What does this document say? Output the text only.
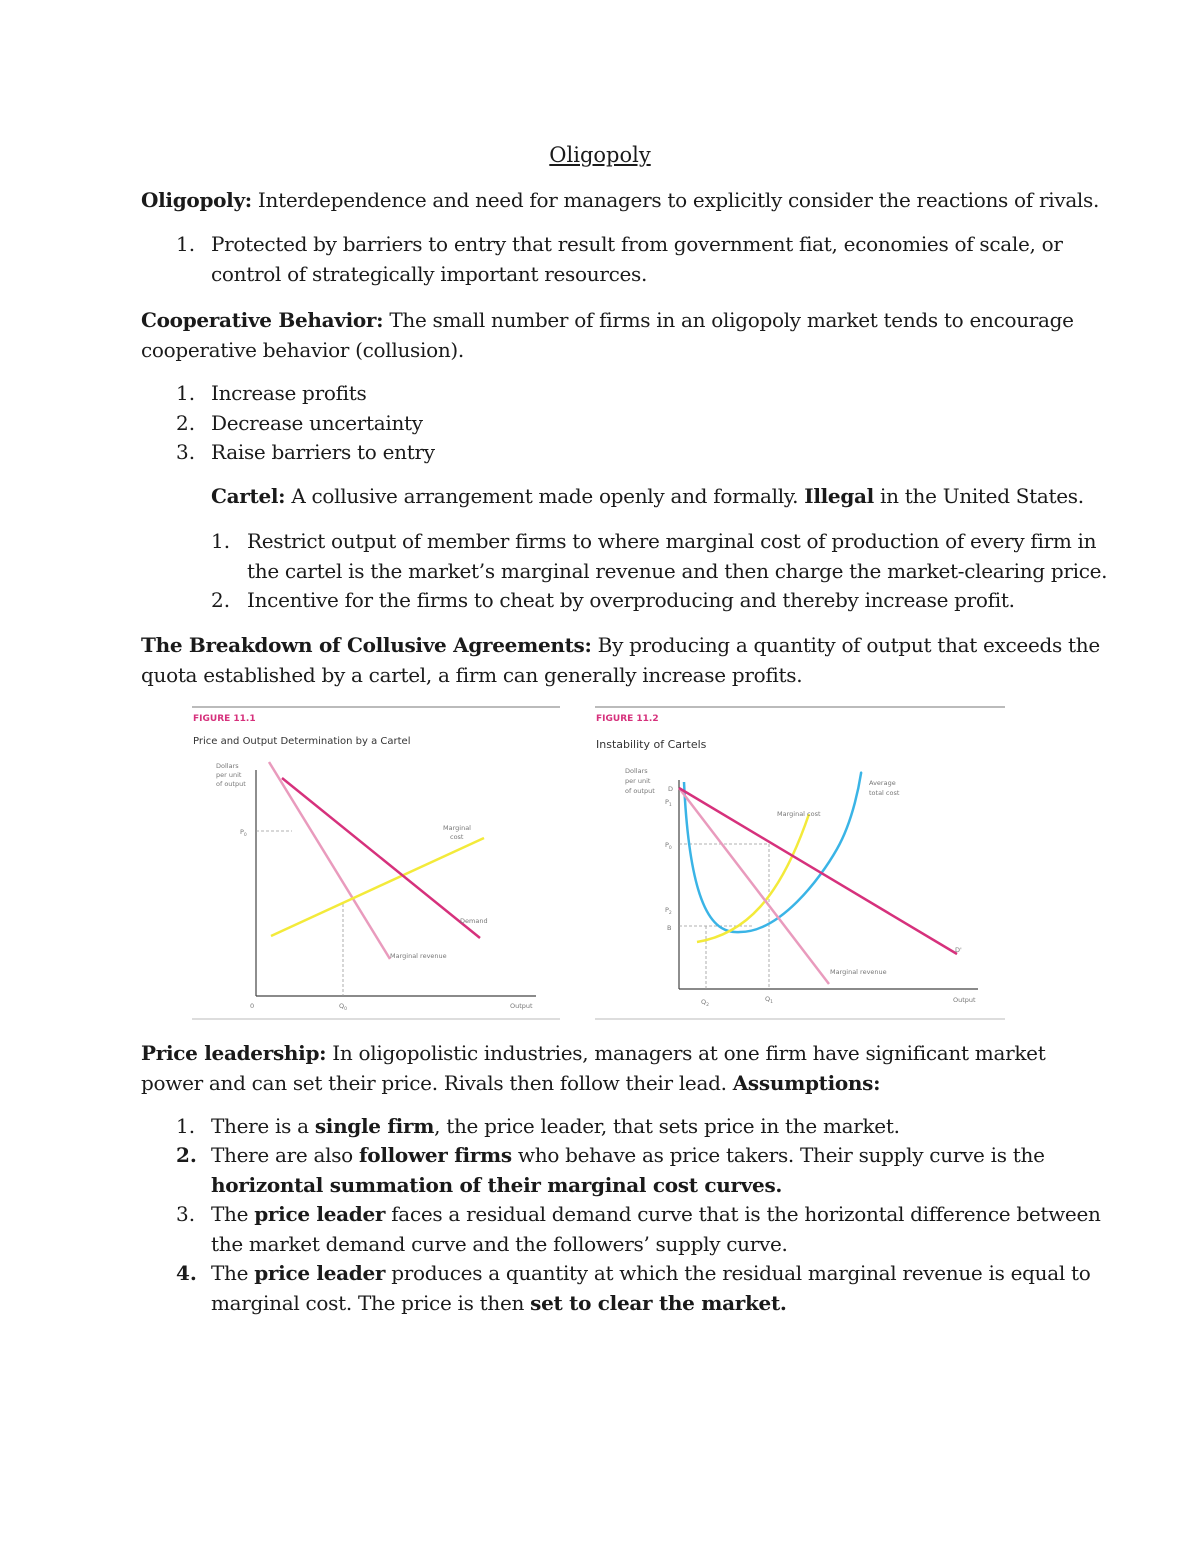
Oligopoly
Oligopoly: Interdependence and need for managers to explicitly consider the reactions of rivals.
1. Protected by barriers to entry that result from government fiat, economies of scale, or
control of strategically important resources.
Cooperative Behavior: The small number of firms in an oligopoly market tends to encourage
cooperative behavior (collusion).
1. Increase profits
2. Decrease uncertainty
3. Raise barriers to entry
Cartel: A collusive arrangement made openly and formally. Illegal in the United States.
1. Restrict output of member firms to where marginal cost of production of every firm in
the cartel is the market’s marginal revenue and then charge the market-clearing price.
2. Incentive for the firms to cheat by overproducing and thereby increase profit.
The Breakdown of Collusive Agreements: By producing a quantity of output that exceeds the
quota established by a cartel, a firm can generally increase profits.
FIGURE 11.1
Price and Output Determination by a Cartel
Dollars
per unit
of output
$P_0$
$Q_0$
0	Output
Marginal
cost
Demand
Marginal revenue
FIGURE 11.2
Instability of Cartels
Dollars
per unit
of output D
$P_1$
$P_0$
$P_2$
B
$Q_2$
$Q_1$	Output
Average
total cost
Marginal cost
Marginal revenue
D'
Price leadership: In oligopolistic industries, managers at one firm have significant market
power and can set their price. Rivals then follow their lead. Assumptions:
1. There is a single firm, the price leader, that sets price in the market.
2. There are also follower firms who behave as price takers. Their supply curve is the
horizontal summation of their marginal cost curves.
3. The price leader faces a residual demand curve that is the horizontal difference between
the market demand curve and the followers’ supply curve.
4. The price leader produces a quantity at which the residual marginal revenue is equal to
marginal cost. The price is then set to clear the market.
